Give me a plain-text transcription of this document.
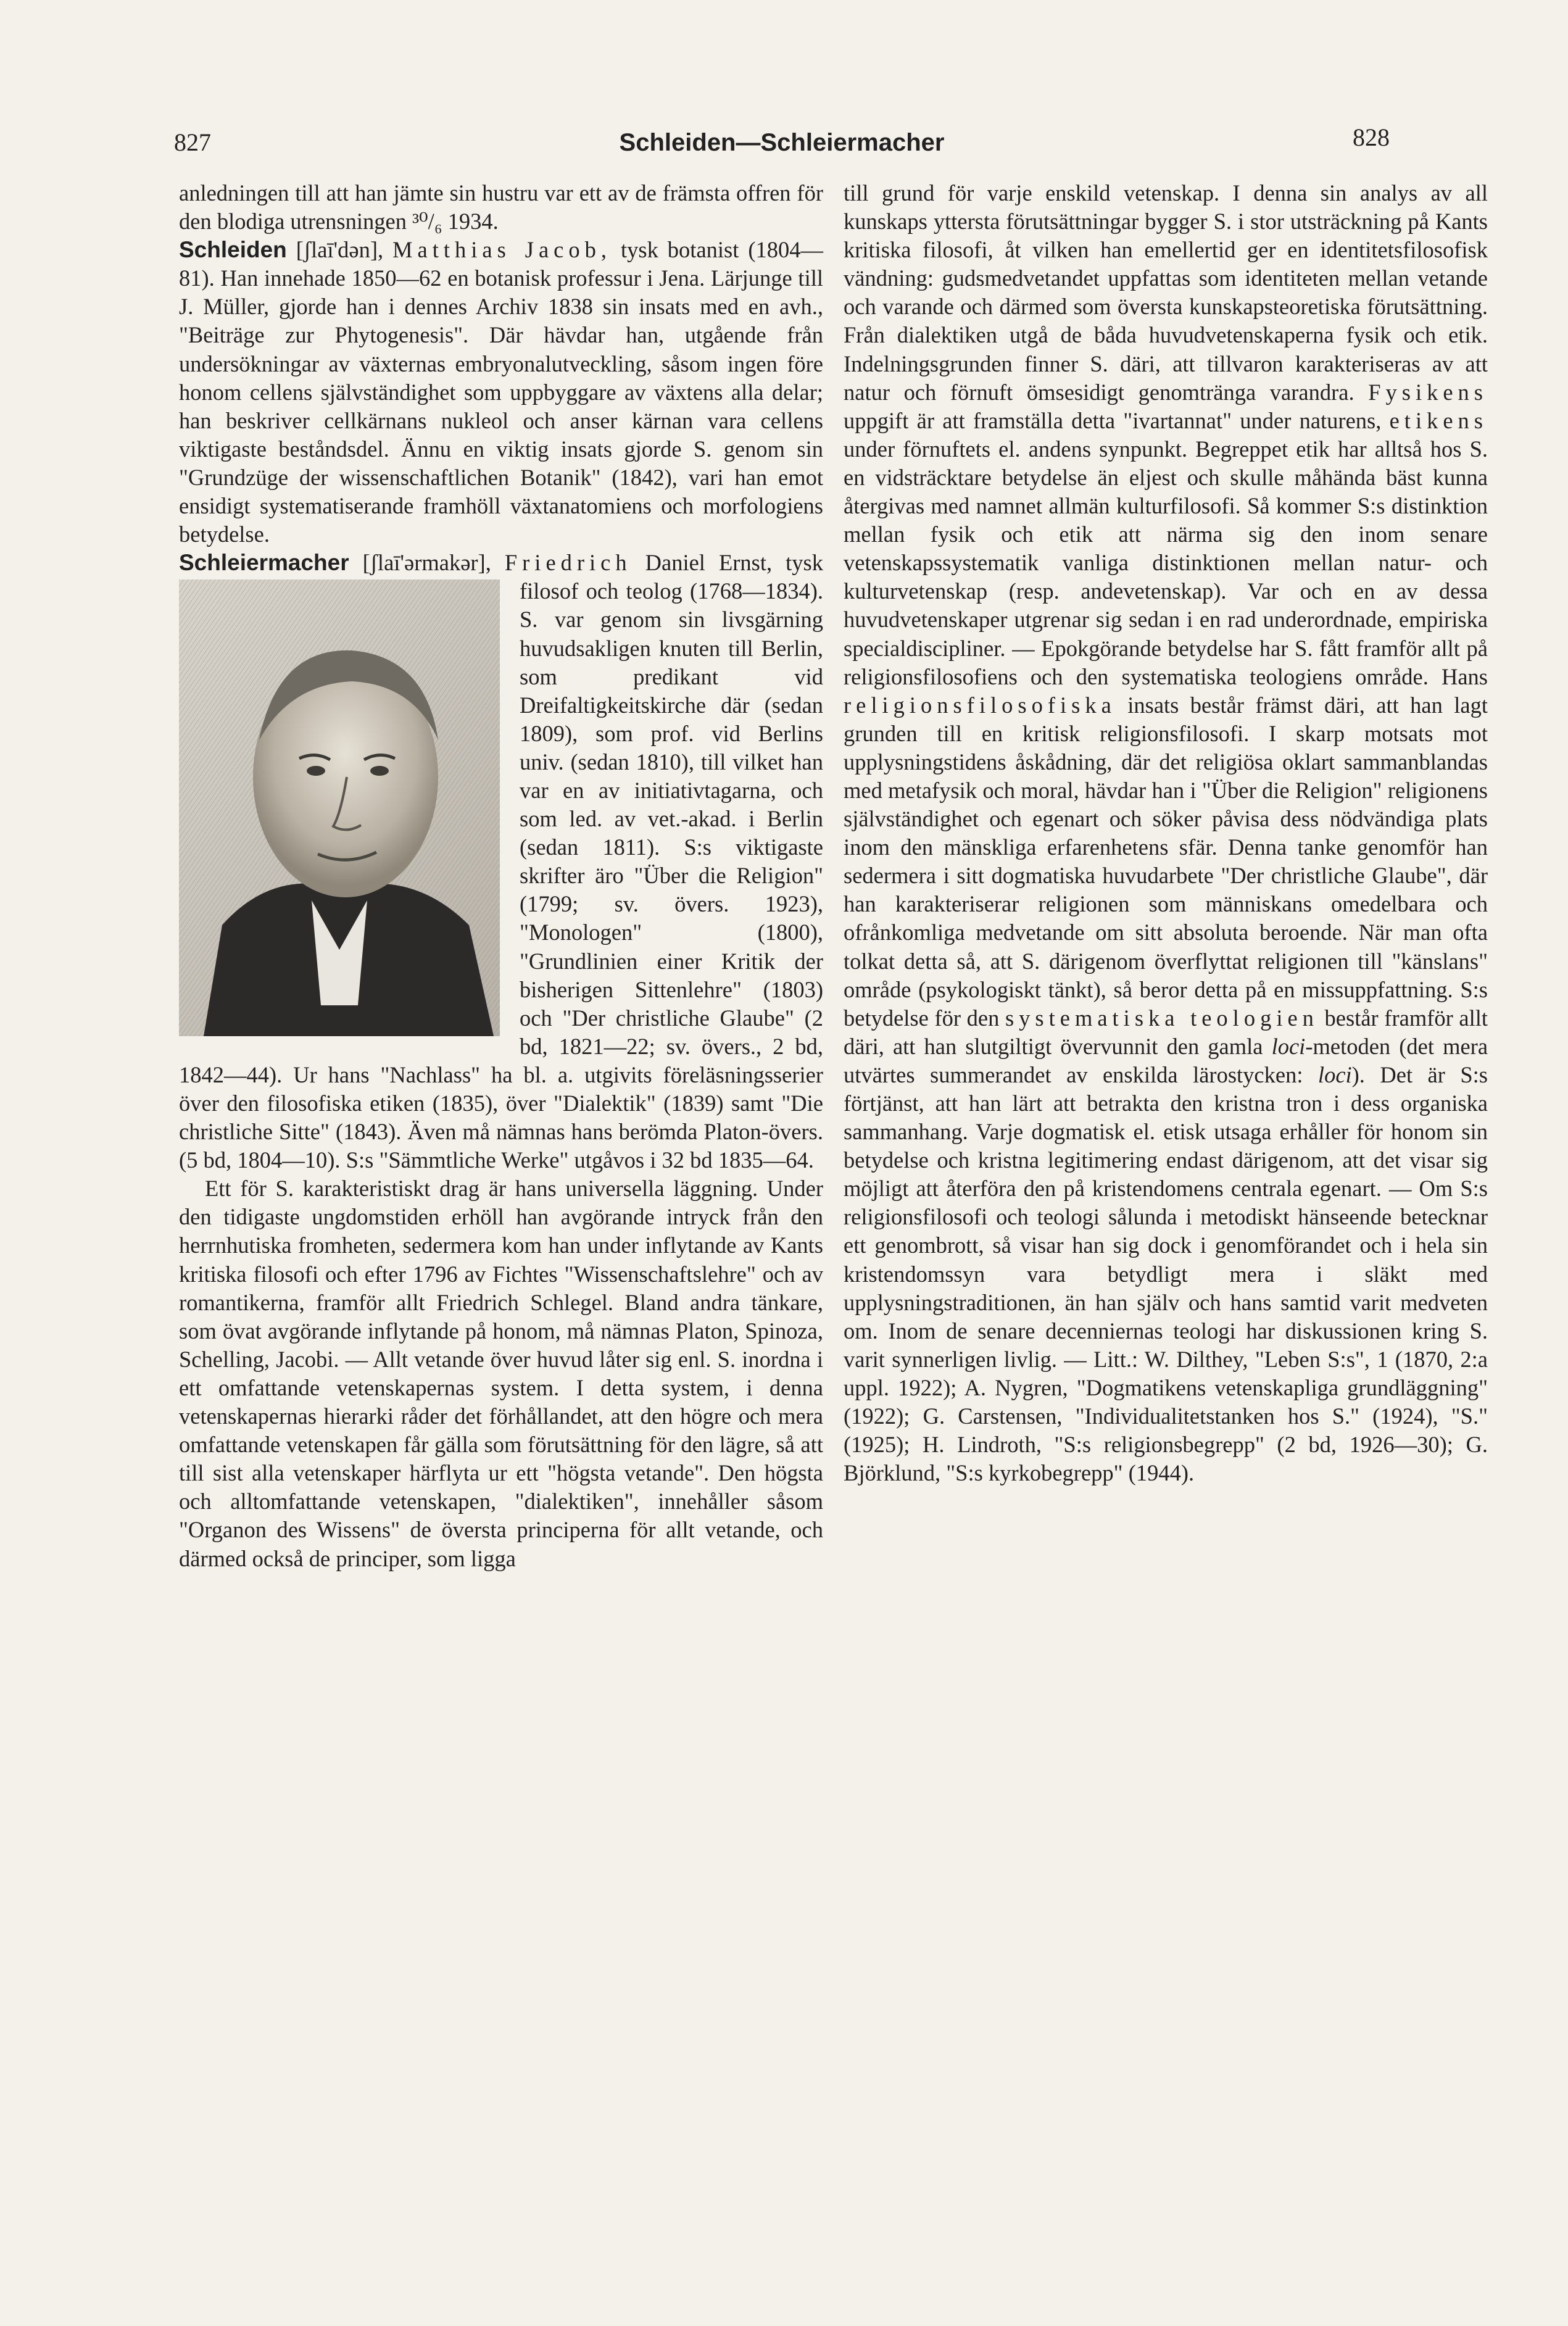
827	Schleiden—Schleiermacher	828

anledningen till att han jämte sin hustru var ett av de främsta offren för den blodiga utrensningen ³⁰/₆ 1934.

Schleiden [ʃlaī'dən], Matthias Jacob, tysk botanist (1804—81). Han innehade 1850—62 en botanisk professur i Jena. Lärjunge till J. Müller, gjorde han i dennes Archiv 1838 sin insats med en avh., "Beiträge zur Phytogenesis". Där hävdar han, utgående från undersökningar av växternas embryonalutveckling, såsom ingen före honom cellens självständighet som uppbyggare av växtens alla delar; han beskriver cellkärnans nukleol och anser kärnan vara cellens viktigaste beståndsdel. Ännu en viktig insats gjorde S. genom sin "Grundzüge der wissenschaftlichen Botanik" (1842), vari han emot ensidigt systematiserande framhöll växtanatomiens och morfologiens betydelse.

Schleiermacher [ʃlaī'ərmakər], Friedrich Daniel Ernst, tysk filosof och teolog (1768—1834). S. var genom sin livsgärning huvudsakligen knuten till Berlin, som predikant vid Dreifaltigkeitskirche där (sedan 1809), som prof. vid Berlins univ. (sedan 1810), till vilket han var en av initiativtagarna, och som led. av vet.-akad. i Berlin (sedan 1811). S:s viktigaste skrifter äro "Über die Religion" (1799; sv. övers. 1923), "Monologen" (1800), "Grundlinien einer Kritik der bisherigen Sittenlehre" (1803) och "Der christliche Glaube" (2 bd, 1821—22; sv. övers., 2 bd, 1842—44). Ur hans "Nachlass" ha bl. a. utgivits föreläsningsserier över den filosofiska etiken (1835), över "Dialektik" (1839) samt "Die christliche Sitte" (1843). Även må nämnas hans berömda Platon-övers. (5 bd, 1804—10). S:s "Sämmtliche Werke" utgåvos i 32 bd 1835—64.

Ett för S. karakteristiskt drag är hans universella läggning. Under den tidigaste ungdomstiden erhöll han avgörande intryck från den herrnhutiska fromheten, sedermera kom han under inflytande av Kants kritiska filosofi och efter 1796 av Fichtes "Wissenschaftslehre" och av romantikerna, framför allt Friedrich Schlegel. Bland andra tänkare, som övat avgörande inflytande på honom, må nämnas Platon, Spinoza, Schelling, Jacobi. — Allt vetande över huvud låter sig enl. S. inordna i ett omfattande vetenskapernas system. I detta system, i denna vetenskapernas hierarki råder det förhållandet, att den högre och mera omfattande vetenskapen får gälla som förutsättning för den lägre, så att till sist alla vetenskaper härflyta ur ett "högsta vetande". Den högsta och alltomfattande vetenskapen, "dialektiken", innehåller såsom "Organon des Wissens" de översta principerna för allt vetande, och därmed också de principer, som ligga

till grund för varje enskild vetenskap. I denna sin analys av all kunskaps yttersta förutsättningar bygger S. i stor utsträckning på Kants kritiska filosofi, åt vilken han emellertid ger en identitetsfilosofisk vändning: gudsmedvetandet uppfattas som identiteten mellan vetande och varande och därmed som översta kunskapsteoretiska förutsättning. Från dialektiken utgå de båda huvudvetenskaperna fysik och etik. Indelningsgrunden finner S. däri, att tillvaron karakteriseras av att natur och förnuft ömsesidigt genomtränga varandra. Fysikens uppgift är att framställa detta "ivartannat" under naturens, etikens under förnuftets el. andens synpunkt. Begreppet etik har alltså hos S. en vidsträcktare betydelse än eljest och skulle måhända bäst kunna återgivas med namnet allmän kulturfilosofi. Så kommer S:s distinktion mellan fysik och etik att närma sig den inom senare vetenskapssystematik vanliga distinktionen mellan natur- och kulturvetenskap (resp. andevetenskap). Var och en av dessa huvudvetenskaper utgrenar sig sedan i en rad underordnade, empiriska specialdiscipliner. — Epokgörande betydelse har S. fått framför allt på religionsfilosofiens och den systematiska teologiens område. Hans religionsfilosofiska insats består främst däri, att han lagt grunden till en kritisk religionsfilosofi. I skarp motsats mot upplysningstidens åskådning, där det religiösa oklart sammanblandas med metafysik och moral, hävdar han i "Über die Religion" religionens självständighet och egenart och söker påvisa dess nödvändiga plats inom den mänskliga erfarenhetens sfär. Denna tanke genomför han sedermera i sitt dogmatiska huvudarbete "Der christliche Glaube", där han karakteriserar religionen som människans omedelbara och ofrånkomliga medvetande om sitt absoluta beroende. När man ofta tolkat detta så, att S. därigenom överflyttat religionen till "känslans" område (psykologiskt tänkt), så beror detta på en missuppfattning. S:s betydelse för den systematiska teologien består framför allt däri, att han slutgiltigt övervunnit den gamla loci-metoden (det mera utvärtes summerandet av enskilda lärostycken: loci). Det är S:s förtjänst, att han lärt att betrakta den kristna tron i dess organiska sammanhang. Varje dogmatisk el. etisk utsaga erhåller för honom sin betydelse och kristna legitimering endast därigenom, att det visar sig möjligt att återföra den på kristendomens centrala egenart. — Om S:s religionsfilosofi och teologi sålunda i metodiskt hänseende betecknar ett genombrott, så visar han sig dock i genomförandet och i hela sin kristendomssyn vara betydligt mera i släkt med upplysningstraditionen, än han själv och hans samtid varit medveten om. Inom de senare decenniernas teologi har diskussionen kring S. varit synnerligen livlig. — Litt.: W. Dilthey, "Leben S:s", 1 (1870, 2:a uppl. 1922); A. Nygren, "Dogmatikens vetenskapliga grundläggning" (1922); G. Carstensen, "Individualitetstanken hos S." (1924), "S." (1925); H. Lindroth, "S:s religionsbegrepp" (2 bd, 1926—30); G. Björklund, "S:s kyrkobegrepp" (1944).
